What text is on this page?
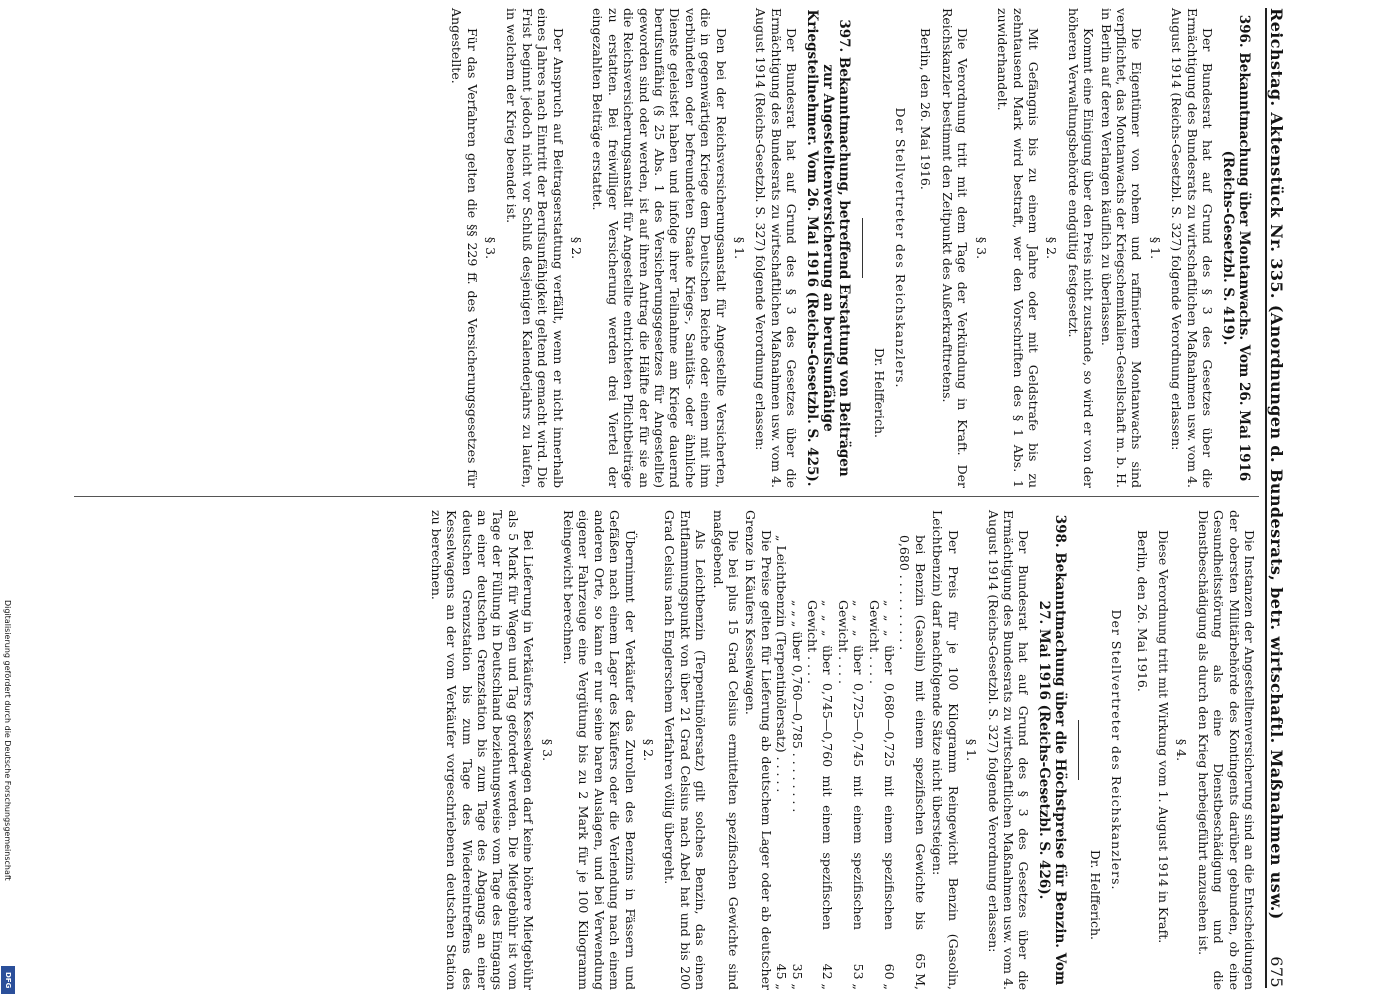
Digitalisierung gefördert durch die Deutsche Forschungsgemeinschaft
DFG
Reichstag. Aktenstück Nr. 335. (Anordnungen d. Bundesrats, betr. wirtschaftl. Maßnahmen usw.)
675
396. Bekanntmachung über Montanwachs. Vom 26. Mai 1916 (Reichs-Gesetzbl. S. 419).

Der Bundesrat hat auf Grund des § 3 des Gesetzes über die Ermächtigung des Bundesrats zu wirtschaftlichen Maßnahmen usw. vom 4. August 1914 (Reichs-Gesetzbl. S. 327) folgende Verordnung erlassen:

§ 1.

Die Eigentümer von rohem und raffiniertem Montanwachs sind verpflichtet, das Montanwachs der Kriegschemikalien-Gesellschaft m. b. H. in Berlin auf deren Verlangen käuflich zu überlassen.

Kommt eine Einigung über den Preis nicht zustande, so wird er von der höheren Verwaltungsbehörde endgültig festgesetzt.

§ 2.

Mit Gefängnis bis zu einem Jahre oder mit Geldstrafe bis zu zehntausend Mark wird bestraft, wer den Vorschriften des § 1 Abs. 1 zuwiderhandelt.

§ 3.

Die Verordnung tritt mit dem Tage der Verkündung in Kraft. Der Reichskanzler bestimmt den Zeitpunkt des Außerkrafttretens.

Berlin, den 26. Mai 1916.
Der Stellvertreter des Reichskanzlers.
Dr. Helfferich.
397. Bekanntmachung, betreffend Erstattung von Beiträgen zur Angestelltenversicherung an berufsunfähige Kriegsteilnehmer. Vom 26. Mai 1916 (Reichs-Gesetzbl. S. 425).

Der Bundesrat hat auf Grund des § 3 des Gesetzes über die Ermächtigung des Bundesrats zu wirtschaftlichen Maßnahmen usw. vom 4. August 1914 (Reichs-Gesetzbl. S. 327) folgende Verordnung erlassen:

§ 1.

Den bei der Reichsversicherungsanstalt für Angestellte Versicherten, die in gegenwärtigen Kriege dem Deutschen Reiche oder einem mit ihm verbündeten oder befreundeten Staate Kriegs-, Sanitäts- oder ähnliche Dienste geleistet haben und infolge ihrer Teilnahme am Kriege dauernd berufsunfähig (§ 25 Abs. 1 des Versicherungsgesetzes für Angestellte) geworden sind oder werden, ist auf ihren Antrag die Hälfte der für sie an die Reichsversicherungsanstalt für Angestellte entrichteten Pflichtbeiträge zu erstatten. Bei freiwilliger Versicherung werden drei Viertel der eingezahlten Beiträge erstattet.

§ 2.

Der Anspruch auf Beitragserstattung verfällt, wenn er nicht innerhalb eines Jahres nach Eintritt der Berufsunfähigkeit geltend gemacht wird. Die Frist beginnt jedoch nicht vor Schluß desjenigen Kalenderjahrs zu laufen, in welchem der Krieg beendet ist.

§ 3.

Für das Verfahren gelten die §§ 229 ff. des Versicherungsgesetzes für Angestellte.

Die Instanzen der Angestelltenversicherung sind an die Entscheidungen der obersten Militärbehörde des Kontingents darüber gebunden, ob eine Gesundheitsstörung als eine Dienstbeschädigung und die Dienstbeschädigung als durch den Krieg herbeigeführt anzusehen ist.

§ 4.

Diese Verordnung tritt mit Wirkung vom 1. August 1914 in Kraft.

Berlin, den 26. Mai 1916.
Der Stellvertreter des Reichskanzlers.
Dr. Helfferich.
398. Bekanntmachung über die Höchstpreise für Benzin. Vom 27. Mai 1916 (Reichs-Gesetzbl. S. 426).

Der Bundesrat hat auf Grund des § 3 des Gesetzes über die Ermächtigung des Bundesrats zu wirtschaftlichen Maßnahmen usw. vom 4. August 1914 (Reichs-Gesetzbl. S. 327) folgende Verordnung erlassen:

§ 1.

Der Preis für je 100 Kilogramm Reingewicht Benzin (Gasolin, Leichtbenzin) darf nachfolgende Sätze nicht übersteigen:

bei Benzin (Gasolin) mit einem spezifischen Gewichte bis 0,680 . . . . . . . . . .
65 M,
„ „ „ über 0,680—0,725 mit einem spezifischen Gewicht . . . .
60 „
„ „ „ über 0,725—0,745 mit einem spezifischen Gewicht . . . .
53 „
„ „ „ über 0,745—0,760 mit einem spezifischen Gewicht . . . .
42 „
„ „ „ über 0,760—0,785 . . . . . . . .
35 „
„ Leichtbenzin (Terpentinölersatz) . . . . .
45 „

Die Preise gelten für Lieferung ab deutschem Lager oder ab deutscher Grenze in Käufers Kesselwagen.

Die bei plus 15 Grad Celsius ermittelten spezifischen Gewichte sind maßgebend.

Als Leichtbenzin (Terpentinölersatz) gilt solches Benzin, das einen Entflammungspunkt von über 21 Grad Celsius nach Abel hat und bis 200 Grad Celsius nach Englerschem Verfahren völlig übergeht.

§ 2.

Übernimmt der Verkäufer das Zurollen des Benzins in Fässern und Gefäßen nach einem Lager des Käufers oder die Verlendung nach einem anderen Orte, so kann er nur seine baren Auslagen, und bei Verwendung eigener Fahrzeuge eine Vergütung bis zu 2 Mark für je 100 Kilogramm Reingewicht berechnen.

§ 3.

Bei Lieferung in Verkäufers Kesselwagen darf keine höhere Mietgebühr als 5 Mark für Wagen und Tag gefordert werden. Die Mietgebühr ist vom Tage der Füllung in Deutschland beziehungsweise vom Tage des Eingangs an einer deutschen Grenzstation bis zum Tage des Abgangs an einer deutschen Grenzstation bis zum Tage des Wiedereintreffens des Kesselwagens an der vom Verkäufer vorgeschriebenen deutschen Station zu berechnen.
